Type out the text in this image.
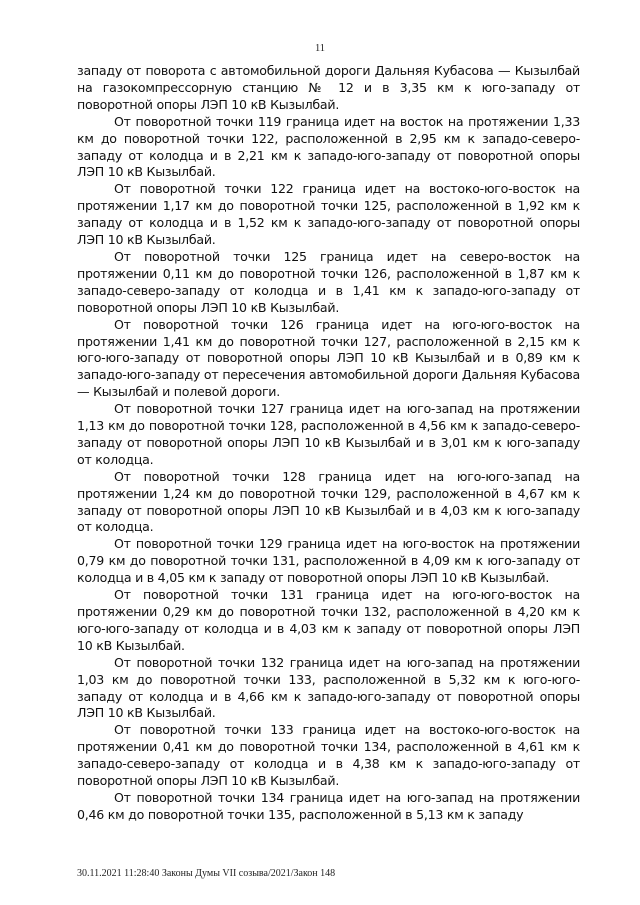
11

западу от поворота с автомобильной дороги Дальняя Кубасова — Кызылбай на газокомпрессорную станцию № 12 и в 3,35 км к юго-западу от поворотной опоры ЛЭП 10 кВ Кызылбай.

От поворотной точки 119 граница идет на восток на протяжении 1,33 км до поворотной точки 122, расположенной в 2,95 км к западо-северо-западу от колодца и в 2,21 км к западо-юго-западу от поворотной опоры ЛЭП 10 кВ Кызылбай.

От поворотной точки 122 граница идет на востоко-юго-восток на протяжении 1,17 км до поворотной точки 125, расположенной в 1,92 км к западу от колодца и в 1,52 км к западо-юго-западу от поворотной опоры ЛЭП 10 кВ Кызылбай.

От поворотной точки 125 граница идет на северо-восток на протяжении 0,11 км до поворотной точки 126, расположенной в 1,87 км к западо-северо-западу от колодца и в 1,41 км к западо-юго-западу от поворотной опоры ЛЭП 10 кВ Кызылбай.

От поворотной точки 126 граница идет на юго-юго-восток на протяжении 1,41 км до поворотной точки 127, расположенной в 2,15 км к юго-юго-западу от поворотной опоры ЛЭП 10 кВ Кызылбай и в 0,89 км к западо-юго-западу от пересечения автомобильной дороги Дальняя Кубасова — Кызылбай и полевой дороги.

От поворотной точки 127 граница идет на юго-запад на протяжении 1,13 км до поворотной точки 128, расположенной в 4,56 км к западо-северо-западу от поворотной опоры ЛЭП 10 кВ Кызылбай и в 3,01 км к юго-западу от колодца.

От поворотной точки 128 граница идет на юго-юго-запад на протяжении 1,24 км до поворотной точки 129, расположенной в 4,67 км к западу от поворотной опоры ЛЭП 10 кВ Кызылбай и в 4,03 км к юго-западу от колодца.

От поворотной точки 129 граница идет на юго-восток на протяжении 0,79 км до поворотной точки 131, расположенной в 4,09 км к юго-западу от колодца и в 4,05 км к западу от поворотной опоры ЛЭП 10 кВ Кызылбай.

От поворотной точки 131 граница идет на юго-юго-восток на протяжении 0,29 км до поворотной точки 132, расположенной в 4,20 км к юго-юго-западу от колодца и в 4,03 км к западу от поворотной опоры ЛЭП 10 кВ Кызылбай.

От поворотной точки 132 граница идет на юго-запад на протяжении 1,03 км до поворотной точки 133, расположенной в 5,32 км к юго-юго-западу от колодца и в 4,66 км к западо-юго-западу от поворотной опоры ЛЭП 10 кВ Кызылбай.

От поворотной точки 133 граница идет на востоко-юго-восток на протяжении 0,41 км до поворотной точки 134, расположенной в 4,61 км к западо-северо-западу от колодца и в 4,38 км к западо-юго-западу от поворотной опоры ЛЭП 10 кВ Кызылбай.

От поворотной точки 134 граница идет на юго-запад на протяжении 0,46 км до поворотной точки 135, расположенной в 5,13 км к западу

30.11.2021 11:28:40 Законы Думы VII созыва/2021/Закон 148
